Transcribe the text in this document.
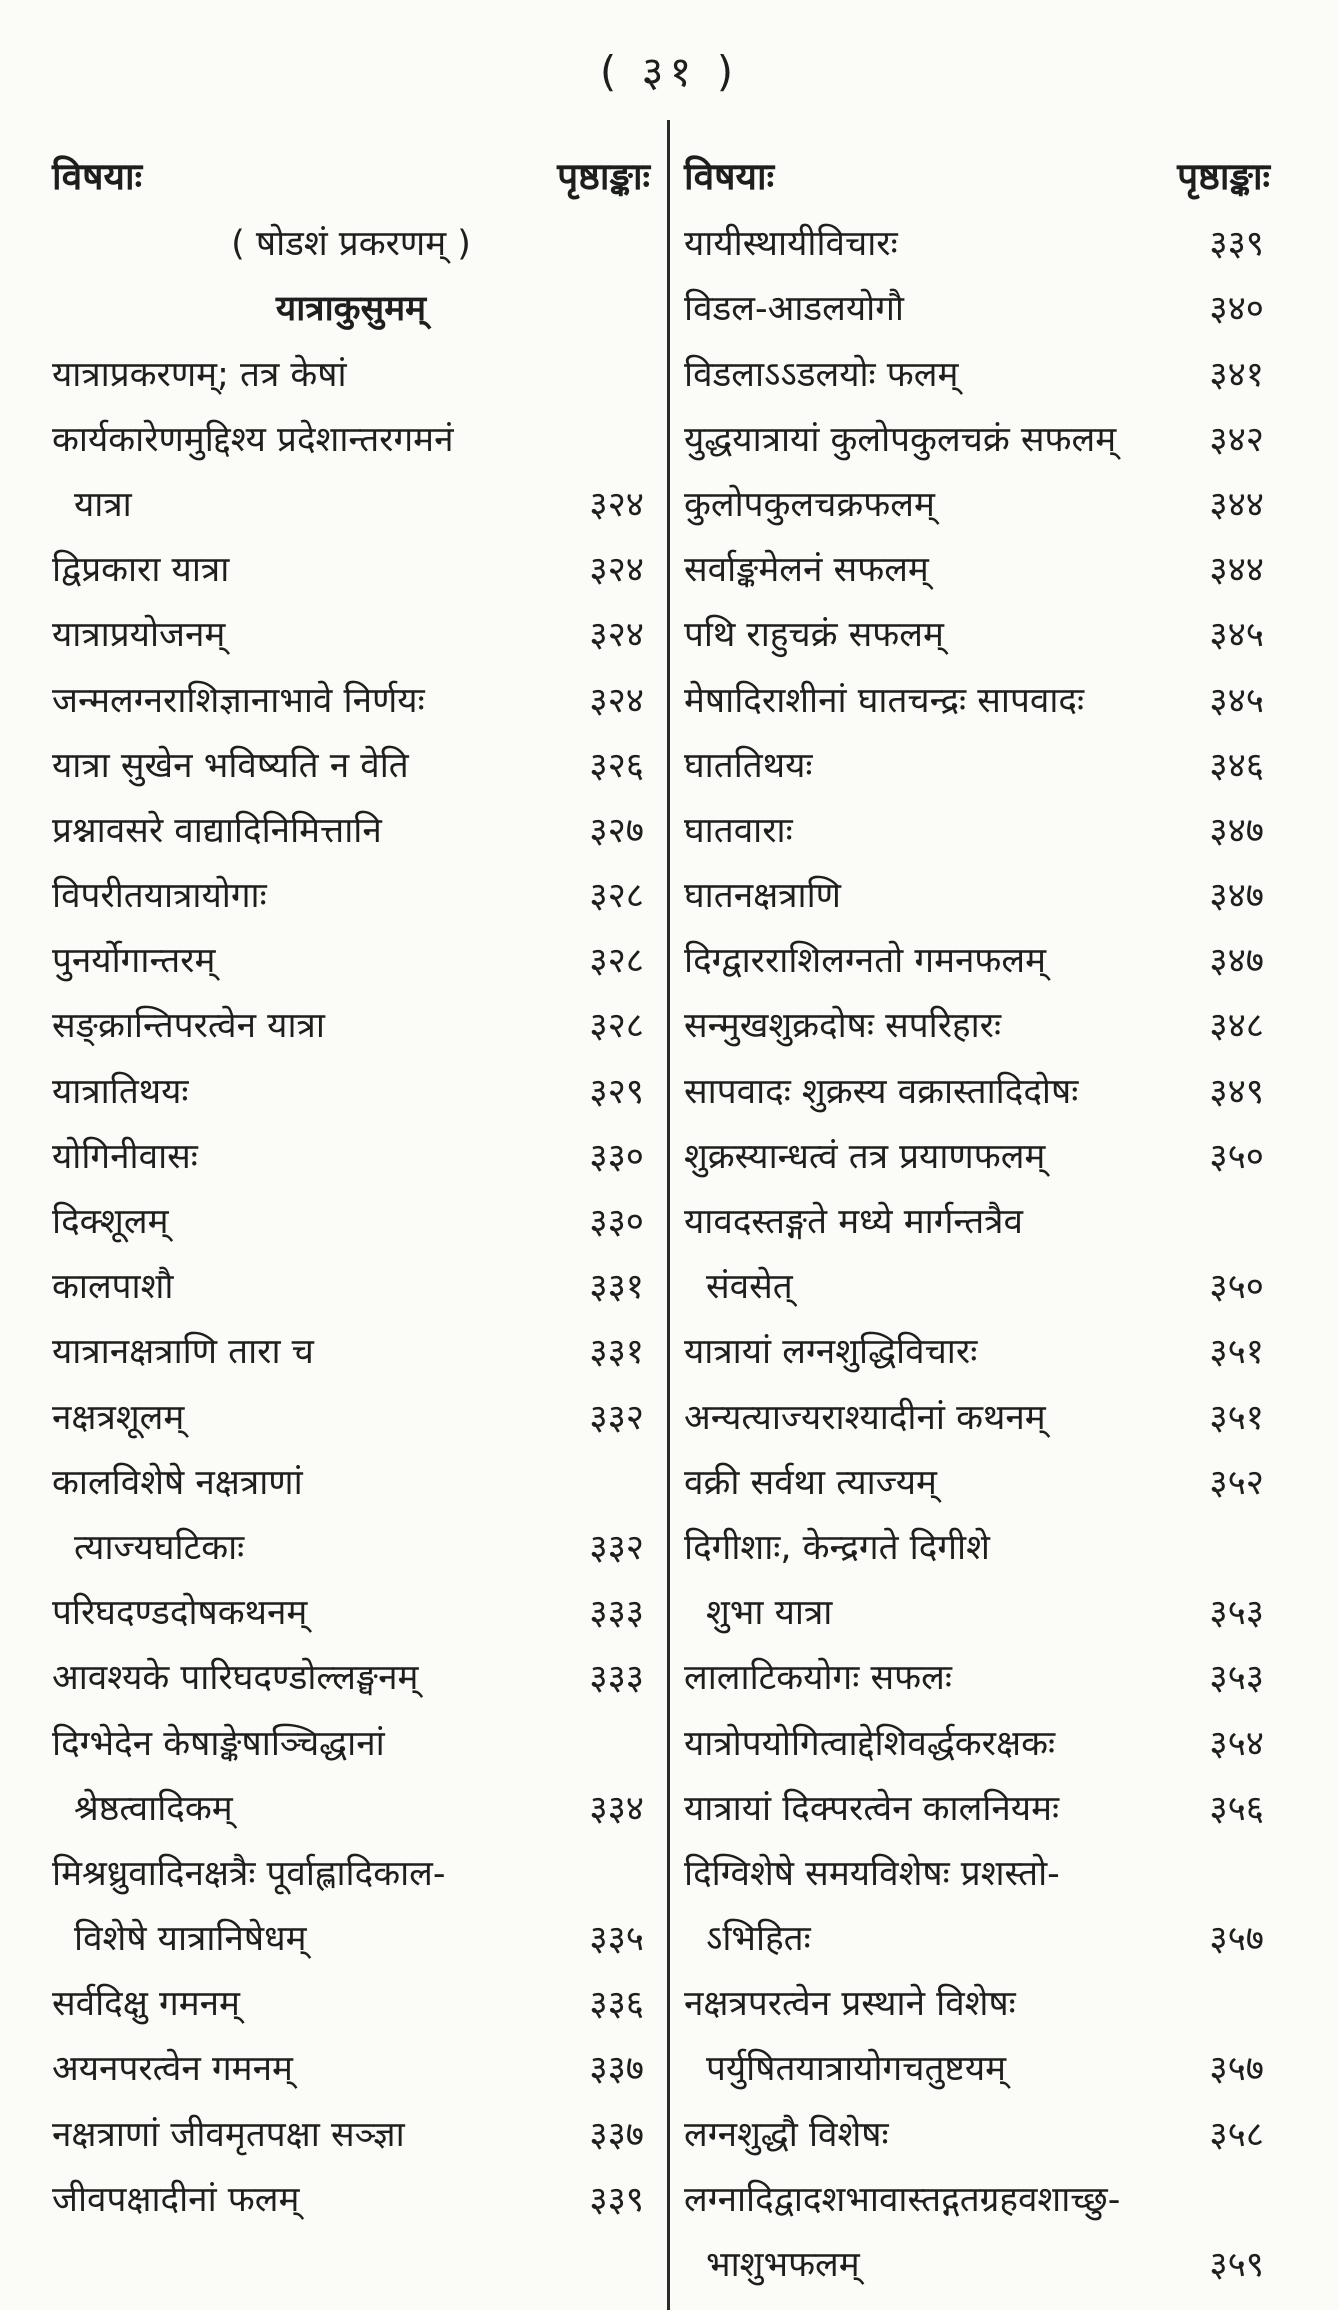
( ३१ )
विषयाः	पृष्ठाङ्काः
( षोडशं प्रकरणम् )
यात्राकुसुमम्
यात्राप्रकरणम्; तत्र केषां
कार्यकारेणमुद्दिश्य प्रदेशान्तरगमनं
यात्रा	३२४
द्विप्रकारा यात्रा	३२४
यात्राप्रयोजनम्	३२४
जन्मलग्नराशिज्ञानाभावे निर्णयः	३२४
यात्रा सुखेन भविष्यति न वेति	३२६
प्रश्नावसरे वाद्यादिनिमित्तानि	३२७
विपरीतयात्रायोगाः	३२८
पुनर्योगान्तरम्	३२८
सङ्क्रान्तिपरत्वेन यात्रा	३२८
यात्रातिथयः	३२९
योगिनीवासः	३३०
दिक्शूलम्	३३०
कालपाशौ	३३१
यात्रानक्षत्राणि तारा च	३३१
नक्षत्रशूलम्	३३२
कालविशेषे नक्षत्राणां
त्याज्यघटिकाः	३३२
परिघदण्डदोषकथनम्	३३३
आवश्यके पारिघदण्डोल्लङ्घनम्	३३३
दिग्भेदेन केषाङ्केषाञ्चिद्धानां
श्रेष्ठत्वादिकम्	३३४
मिश्रध्रुवादिनक्षत्रैः पूर्वाह्लादिकाल-
विशेषे यात्रानिषेधम्	३३५
सर्वदिक्षु गमनम्	३३६
अयनपरत्वेन गमनम्	३३७
नक्षत्राणां जीवमृतपक्षा सञ्ज्ञा	३३७
जीवपक्षादीनां फलम्	३३९
विषयाः	पृष्ठाङ्काः
यायीस्थायीविचारः	३३९
विडल-आडलयोगौ	३४०
विडलाऽऽडलयोः फलम्	३४१
युद्धयात्रायां कुलोपकुलचक्रं सफलम्	३४२
कुलोपकुलचक्रफलम्	३४४
सर्वाङ्कमेलनं सफलम्	३४४
पथि राहुचक्रं सफलम्	३४५
मेषादिराशीनां घातचन्द्रः सापवादः	३४५
घाततिथयः	३४६
घातवाराः	३४७
घातनक्षत्राणि	३४७
दिग्द्वारराशिलग्नतो गमनफलम्	३४७
सन्मुखशुक्रदोषः सपरिहारः	३४८
सापवादः शुक्रस्य वक्रास्तादिदोषः	३४९
शुक्रस्यान्धत्वं तत्र प्रयाणफलम्	३५०
यावदस्तङ्गते मध्ये मार्गन्तत्रैव
संवसेत्	३५०
यात्रायां लग्नशुद्धिविचारः	३५१
अन्यत्याज्यराश्यादीनां कथनम्	३५१
वक्री सर्वथा त्याज्यम्	३५२
दिगीशाः, केन्द्रगते दिगीशे
शुभा यात्रा	३५३
लालाटिकयोगः सफलः	३५३
यात्रोपयोगित्वाद्देशिवर्द्धकरक्षकः	३५४
यात्रायां दिक्परत्वेन कालनियमः	३५६
दिग्विशेषे समयविशेषः प्रशस्तो-
ऽभिहितः	३५७
नक्षत्रपरत्वेन प्रस्थाने विशेषः
पर्युषितयात्रायोगचतुष्टयम्	३५७
लग्नशुद्धौ विशेषः	३५८
लग्नादिद्वादशभावास्तद्गतग्रहवशाच्छु-
भाशुभफलम्	३५९
